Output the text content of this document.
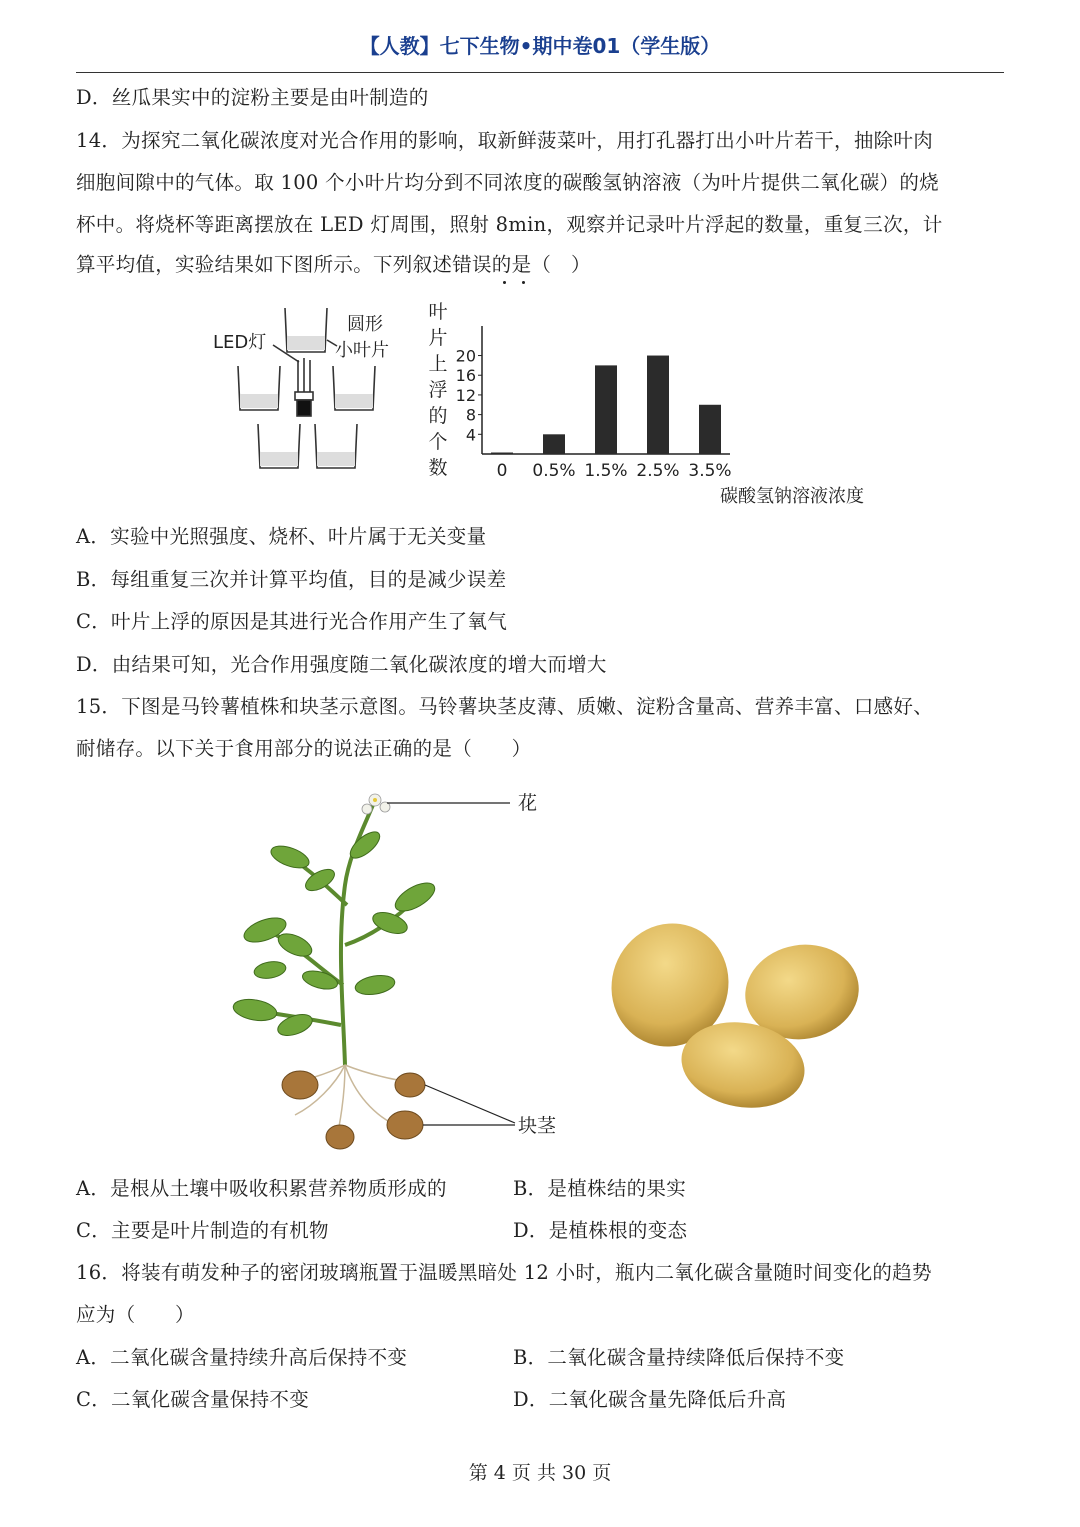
【人教】七下生物•期中卷01（学生版）
D．丝瓜果实中的淀粉主要是由叶制造的
14．为探究二氧化碳浓度对光合作用的影响，取新鲜菠菜叶，用打孔器打出小叶片若干，抽除叶肉
细胞间隙中的气体。取 100 个小叶片均分到不同浓度的碳酸氢钠溶液（为叶片提供二氧化碳）的烧
杯中。将烧杯等距离摆放在 LED 灯周围，照射 8min，观察并记录叶片浮起的数量，重复三次，计
算平均值，实验结果如下图所示。下列叙述错误的是（　）
LED灯
圆形
小叶片
叶
片
上
浮
的
个
数
4
8
12
16
20
0 0.5% 1.5% 2.5% 3.5%
碳酸氢钠溶液浓度
A．实验中光照强度、烧杯、叶片属于无关变量
B．每组重复三次并计算平均值，目的是减少误差
C．叶片上浮的原因是其进行光合作用产生了氧气
D．由结果可知，光合作用强度随二氧化碳浓度的增大而增大
15．下图是马铃薯植株和块茎示意图。马铃薯块茎皮薄、质嫩、淀粉含量高、营养丰富、口感好、
耐储存。以下关于食用部分的说法正确的是（　　）
花
块茎
A．是根从土壤中吸收积累营养物质形成的	B．是植株结的果实
C．主要是叶片制造的有机物	D．是植株根的变态
16．将装有萌发种子的密闭玻璃瓶置于温暖黑暗处 12 小时，瓶内二氧化碳含量随时间变化的趋势
应为（　　）
A．二氧化碳含量持续升高后保持不变	B．二氧化碳含量持续降低后保持不变
C．二氧化碳含量保持不变	D．二氧化碳含量先降低后升高
第 4 页 共 30 页
